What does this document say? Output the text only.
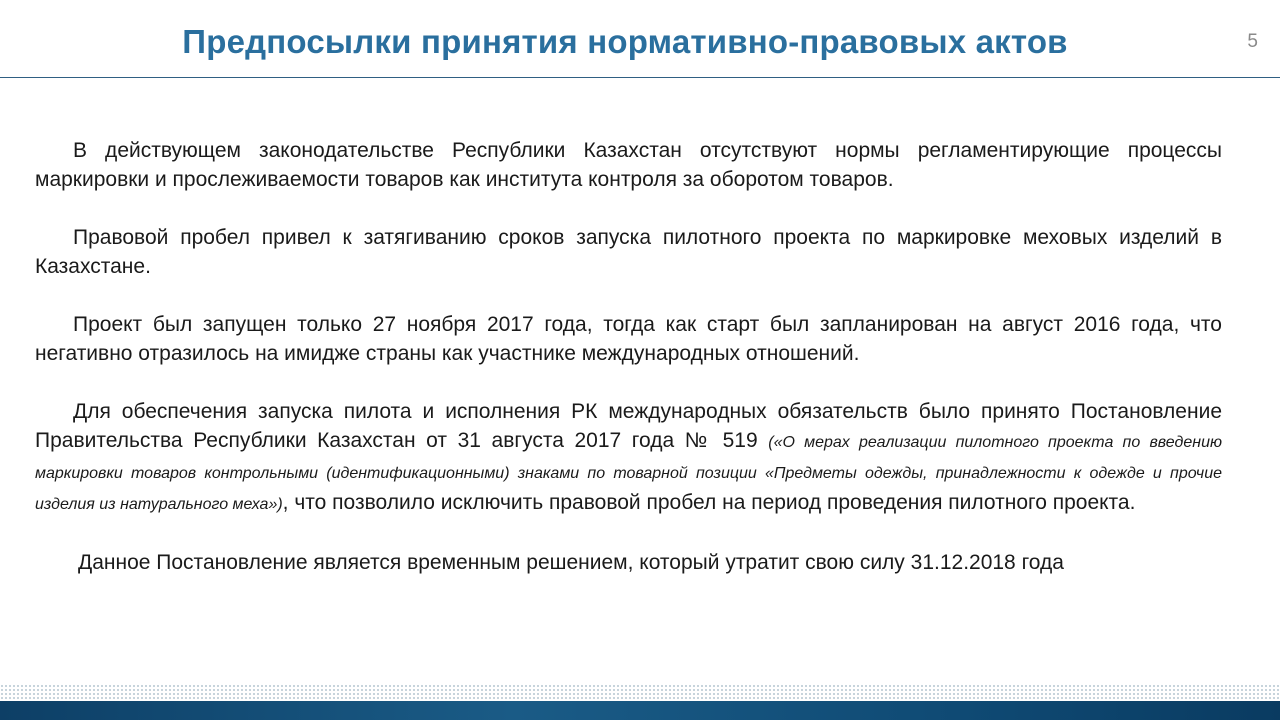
Предпосылки принятия нормативно-правовых актов	5

В действующем законодательстве Республики Казахстан отсутствуют нормы регламентирующие процессы маркировки и прослеживаемости товаров как института контроля за оборотом товаров.

Правовой пробел привел к затягиванию сроков запуска пилотного проекта по маркировке меховых изделий в Казахстане.

Проект был запущен только 27 ноября 2017 года, тогда как старт был запланирован на август 2016 года, что негативно отразилось на имидже страны как участнике международных отношений.

Для обеспечения запуска пилота и исполнения РК международных обязательств было принято Постановление Правительства Республики Казахстан от 31 августа 2017 года № 519 («О мерах реализации пилотного проекта по введению маркировки товаров контрольными (идентификационными) знаками по товарной позиции «Предметы одежды, принадлежности к одежде и прочие изделия из натурального меха»), что позволило исключить правовой пробел на период проведения пилотного проекта.

Данное Постановление является временным решением, который утратит свою силу 31.12.2018 года
